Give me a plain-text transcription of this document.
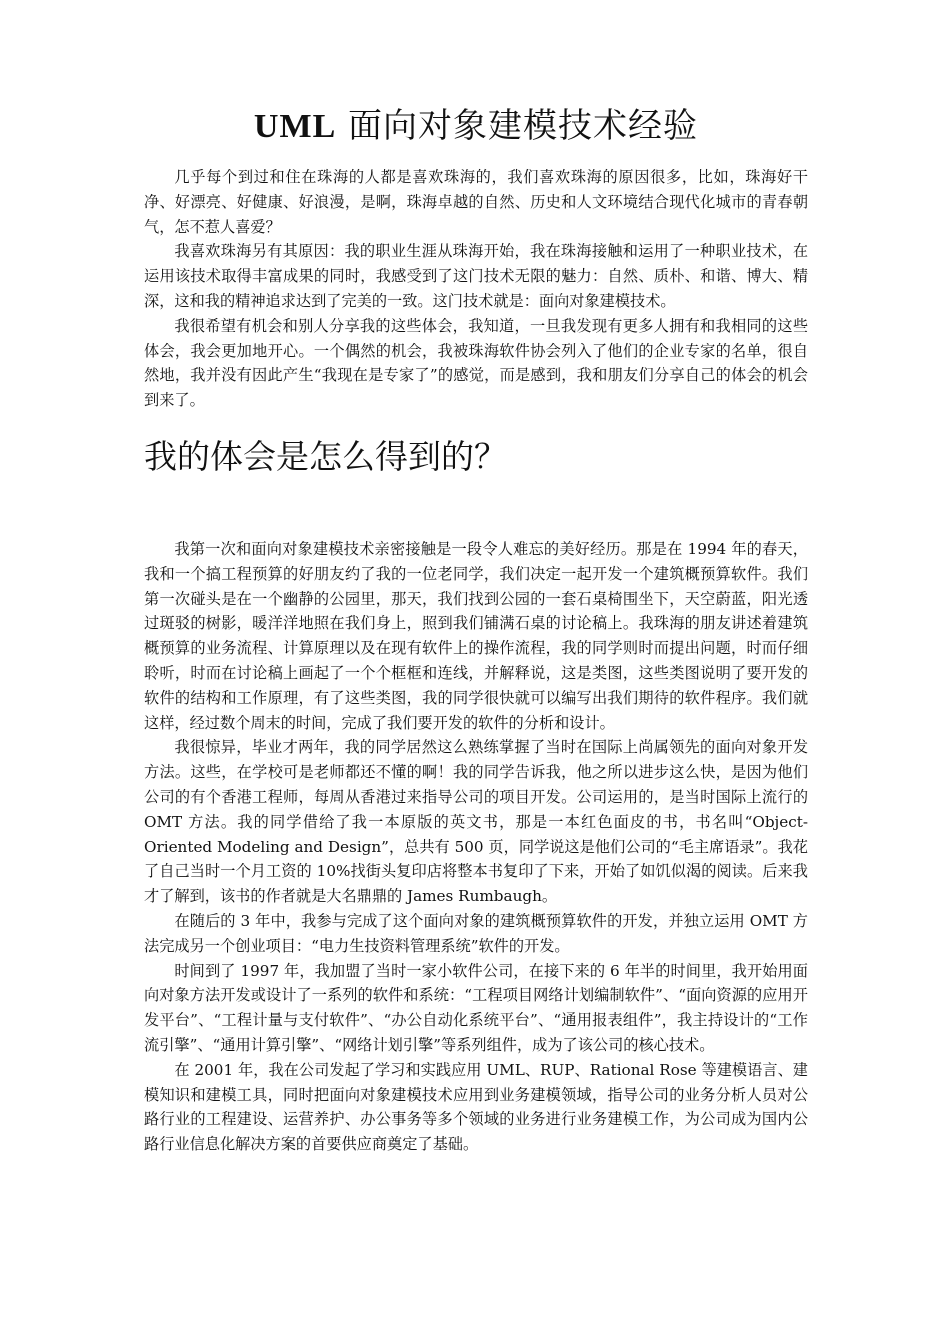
UML 面向对象建模技术经验

几乎每个到过和住在珠海的人都是喜欢珠海的，我们喜欢珠海的原因很多，比如，珠海好干净、好漂亮、好健康、好浪漫，是啊，珠海卓越的自然、历史和人文环境结合现代化城市的青春朝气，怎不惹人喜爱？

我喜欢珠海另有其原因：我的职业生涯从珠海开始，我在珠海接触和运用了一种职业技术，在运用该技术取得丰富成果的同时，我感受到了这门技术无限的魅力：自然、质朴、和谐、博大、精深，这和我的精神追求达到了完美的一致。这门技术就是：面向对象建模技术。

我很希望有机会和别人分享我的这些体会，我知道，一旦我发现有更多人拥有和我相同的这些体会，我会更加地开心。一个偶然的机会，我被珠海软件协会列入了他们的企业专家的名单，很自然地，我并没有因此产生“我现在是专家了”的感觉，而是感到，我和朋友们分享自己的体会的机会到来了。

我的体会是怎么得到的？

我第一次和面向对象建模技术亲密接触是一段令人难忘的美好经历。那是在 1994 年的春天，我和一个搞工程预算的好朋友约了我的一位老同学，我们决定一起开发一个建筑概预算软件。我们第一次碰头是在一个幽静的公园里，那天，我们找到公园的一套石桌椅围坐下，天空蔚蓝，阳光透过斑驳的树影，暖洋洋地照在我们身上，照到我们铺满石桌的讨论稿上。我珠海的朋友讲述着建筑概预算的业务流程、计算原理以及在现有软件上的操作流程，我的同学则时而提出问题，时而仔细聆听，时而在讨论稿上画起了一个个框框和连线，并解释说，这是类图，这些类图说明了要开发的软件的结构和工作原理，有了这些类图，我的同学很快就可以编写出我们期待的软件程序。我们就这样，经过数个周末的时间，完成了我们要开发的软件的分析和设计。

我很惊异，毕业才两年，我的同学居然这么熟练掌握了当时在国际上尚属领先的面向对象开发方法。这些，在学校可是老师都还不懂的啊！我的同学告诉我，他之所以进步这么快，是因为他们公司的有个香港工程师，每周从香港过来指导公司的项目开发。公司运用的，是当时国际上流行的 OMT 方法。我的同学借给了我一本原版的英文书，那是一本红色面皮的书，书名叫“Object-Oriented Modeling and Design”，总共有 500 页，同学说这是他们公司的“毛主席语录”。我花了自己当时一个月工资的 10%找街头复印店将整本书复印了下来，开始了如饥似渴的阅读。后来我才了解到，该书的作者就是大名鼎鼎的 James Rumbaugh。

在随后的 3 年中，我参与完成了这个面向对象的建筑概预算软件的开发，并独立运用 OMT 方法完成另一个创业项目：“电力生技资料管理系统”软件的开发。

时间到了 1997 年，我加盟了当时一家小软件公司，在接下来的 6 年半的时间里，我开始用面向对象方法开发或设计了一系列的软件和系统：“工程项目网络计划编制软件”、“面向资源的应用开发平台”、“工程计量与支付软件”、“办公自动化系统平台”、“通用报表组件”，我主持设计的“工作流引擎”、“通用计算引擎”、“网络计划引擎”等系列组件，成为了该公司的核心技术。

在 2001 年，我在公司发起了学习和实践应用 UML、RUP、Rational Rose 等建模语言、建模知识和建模工具，同时把面向对象建模技术应用到业务建模领域，指导公司的业务分析人员对公路行业的工程建设、运营养护、办公事务等多个领域的业务进行业务建模工作，为公司成为国内公路行业信息化解决方案的首要供应商奠定了基础。
